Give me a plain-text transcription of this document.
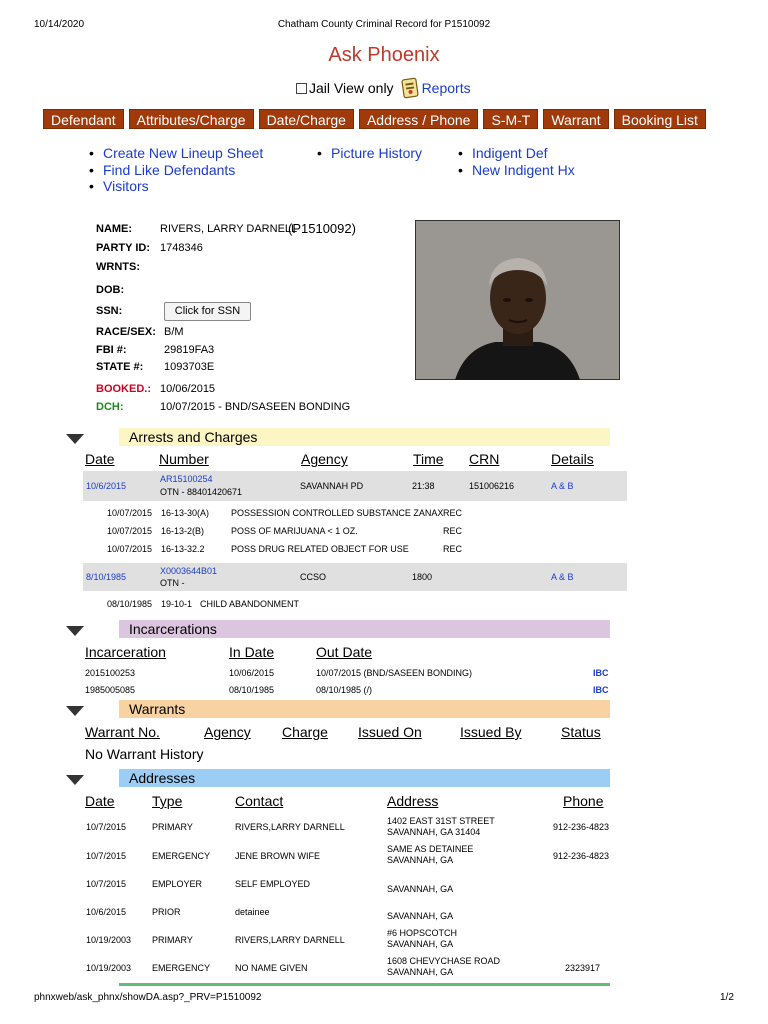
10/14/2020	Chatham County Criminal Record for P1510092
Ask Phoenix
Jail View only Reports
Defendant	Attributes/Charge	Date/Charge	Address / Phone	S-M-T	Warrant	Booking List
• Create New Lineup Sheet
• Find Like Defendants
• Visitors
• Picture History
•	Indigent Def
• New Indigent Hx
NAME:	RIVERS, LARRY DARNELL
(P1510092)
PARTY ID: 1748346
WRNTS:
DOB:
SSN:	Click for SSN
RACE/SEX: B/M
FBI #:	29819FA3
STATE #: 1093703E
BOOKED.: 10/06/2015
DCH:	10/07/2015 - BND/SASEEN BONDING
Arrests and Charges
Date	Number	Agency	Time CRN	Details
10/6/2015
AR15100254
OTN - 88401420671
SAVANNAH PD	21:38	151006216	A & B
10/07/2015 16-13-30(A) POSSESSION CONTROLLED SUBSTANCE ZANAX REC
10/07/2015 16-13-2(B)	POSS OF MARIJUANA < 1 OZ.	REC
10/07/2015 16-13-32.2	POSS DRUG RELATED OBJECT FOR USE	REC
8/10/1985
X0003644B01
OTN -
CCSO	1800	A & B
08/10/1985 19-10-1 CHILD ABANDONMENT
Incarcerations
Incarceration	In Date	Out Date
2015100253	10/06/2015	10/07/2015 (BND/SASEEN BONDING)	IBC
1985005085	08/10/1985	08/10/1985 (/)	IBC
Warrants
Warrant No.	Agency Charge Issued On	Issued By	Status
No Warrant History
Addresses
Date	Type	Contact	Address	Phone
10/7/2015	PRIMARY	RIVERS,LARRY DARNELL
1402 EAST 31ST STREET
SAVANNAH, GA 31404	912-236-4823
10/7/2015	EMERGENCY	JENE BROWN WIFE
SAME AS DETAINEE
SAVANNAH, GA	912-236-4823
10/7/2015	EMPLOYER	SELF EMPLOYED	SAVANNAH, GA
10/6/2015	PRIOR	detainee	SAVANNAH, GA
10/19/2003 PRIMARY	RIVERS,LARRY DARNELL
#6 HOPSCOTCH
SAVANNAH, GA
10/19/2003 EMERGENCY	NO NAME GIVEN
1608 CHEVYCHASE ROAD
SAVANNAH, GA	2323917
phnxweb/ask_phnx/showDA.asp?_PRV=P1510092	1/2
